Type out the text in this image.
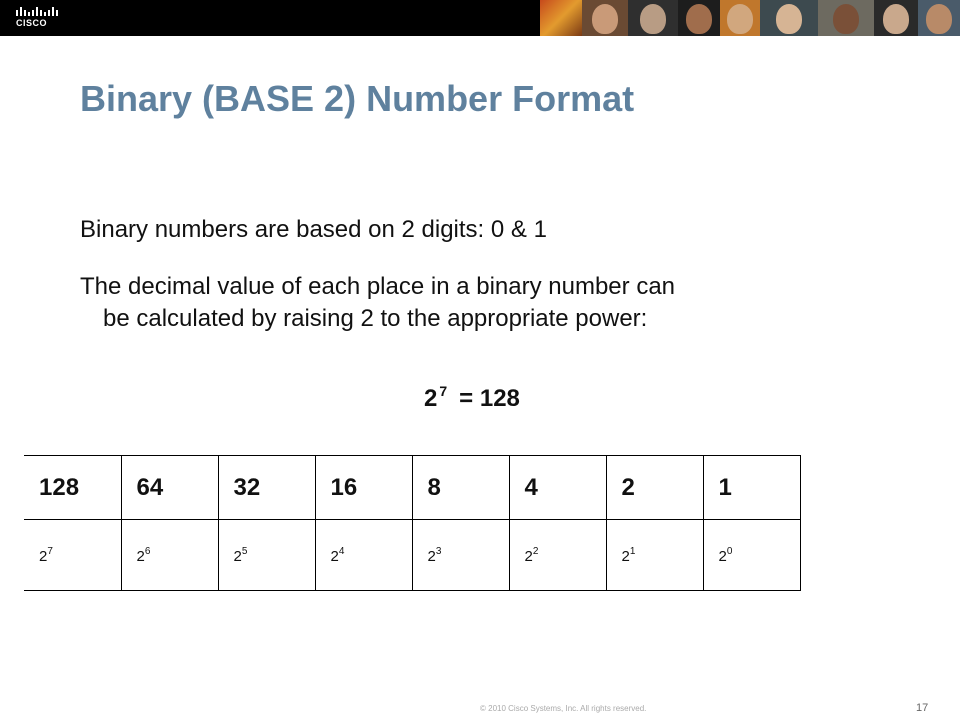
CISCO
Binary (BASE 2) Number Format
Binary numbers are based on 2 digits: 0 & 1
The decimal value of each place in a binary number can
be calculated by raising 2 to the appropriate power:
2 $^7$ = 128
128	64	32	16	8	4	2	1
$2^7$	$2^6$	$2^5$	$2^4$	$2^3$	$2^2$	$2^1$	$2^0$
© 2010 Cisco Systems, Inc. All rights reserved.	17
